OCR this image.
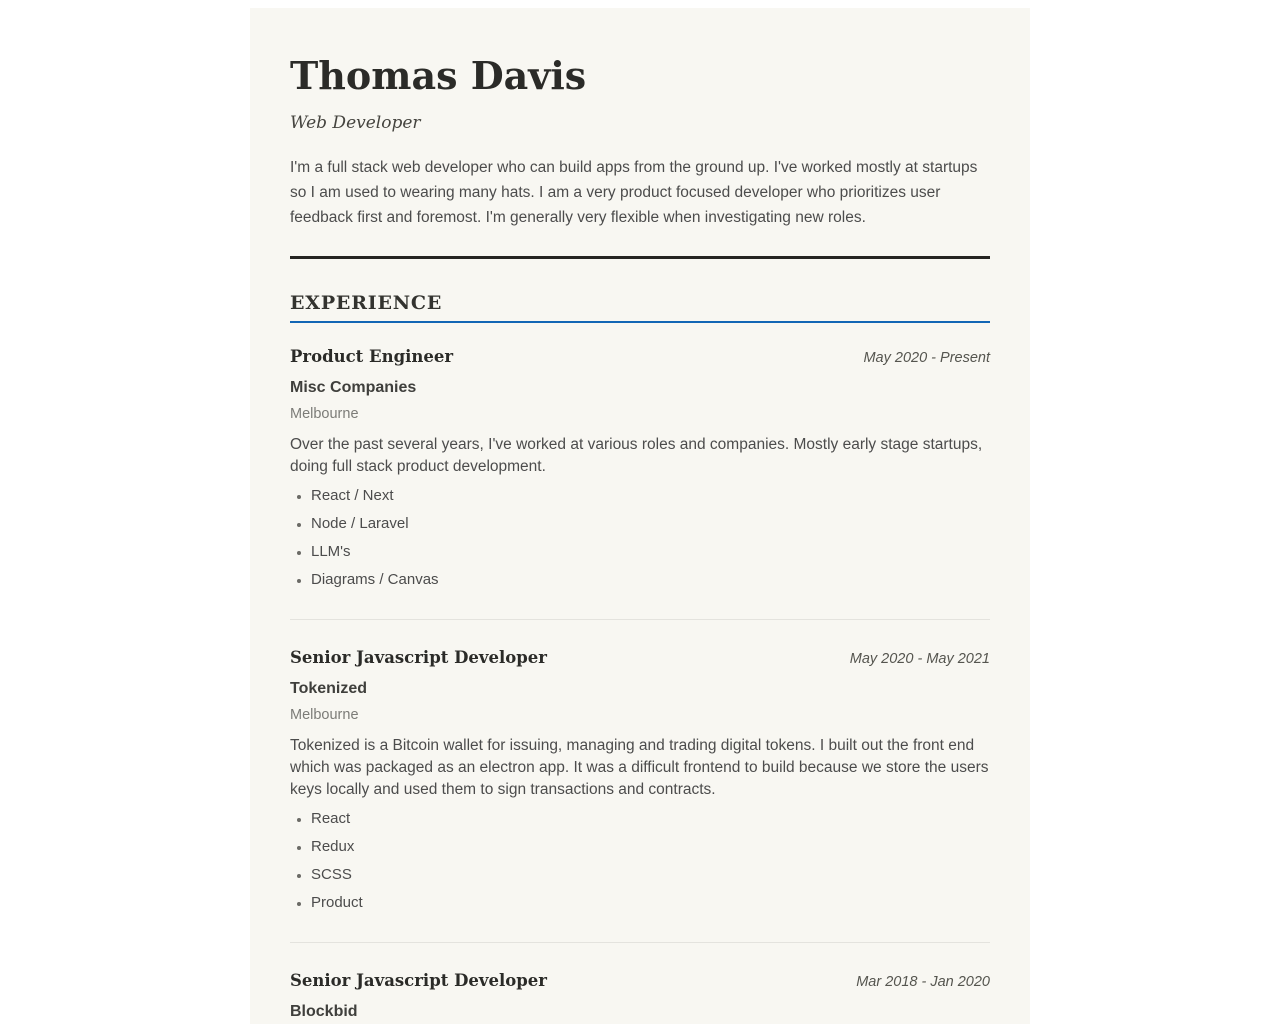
Thomas Davis
Web Developer

I'm a full stack web developer who can build apps from the ground up. I've worked mostly at startups so I am used to wearing many hats. I am a very product focused developer who prioritizes user feedback first and foremost. I'm generally very flexible when investigating new roles.

EXPERIENCE
Product Engineer	May 2020 - Present
Misc Companies
Melbourne

Over the past several years, I've worked at various roles and companies. Mostly early stage startups, doing full stack product development.

• React / Next
• Node / Laravel
• LLM's
• Diagrams / Canvas
Senior Javascript Developer	May 2020 - May 2021
Tokenized
Melbourne

Tokenized is a Bitcoin wallet for issuing, managing and trading digital tokens. I built out the front end which was packaged as an electron app. It was a difficult frontend to build because we store the users keys locally and used them to sign transactions and contracts.

• React
• Redux
• SCSS
• Product
Senior Javascript Developer	Mar 2018 - Jan 2020
Blockbid
